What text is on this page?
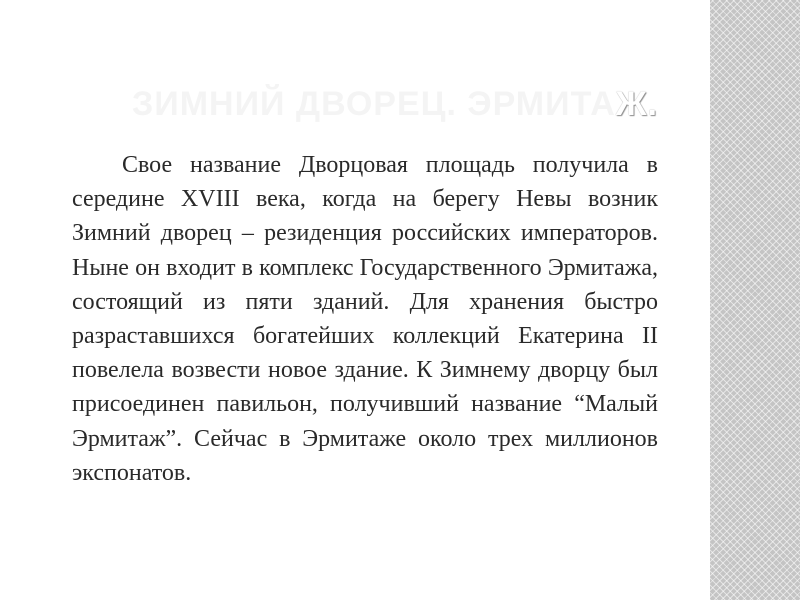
ЗИМНИЙ ДВОРЕЦ. ЭРМИТАЖ.

Свое название Дворцовая площадь получила в середине XVIII века, когда на берегу Невы возник Зимний дворец – резиденция российских императоров. Ныне он входит в комплекс Государственного Эрмитажа, состоящий из пяти зданий. Для хранения быстро разраставшихся богатейших коллекций Екатерина II повелела возвести новое здание. К Зимнему дворцу был присоединен павильон, получивший название “Малый Эрмитаж”. Сейчас в Эрмитаже около трех миллионов экспонатов.
